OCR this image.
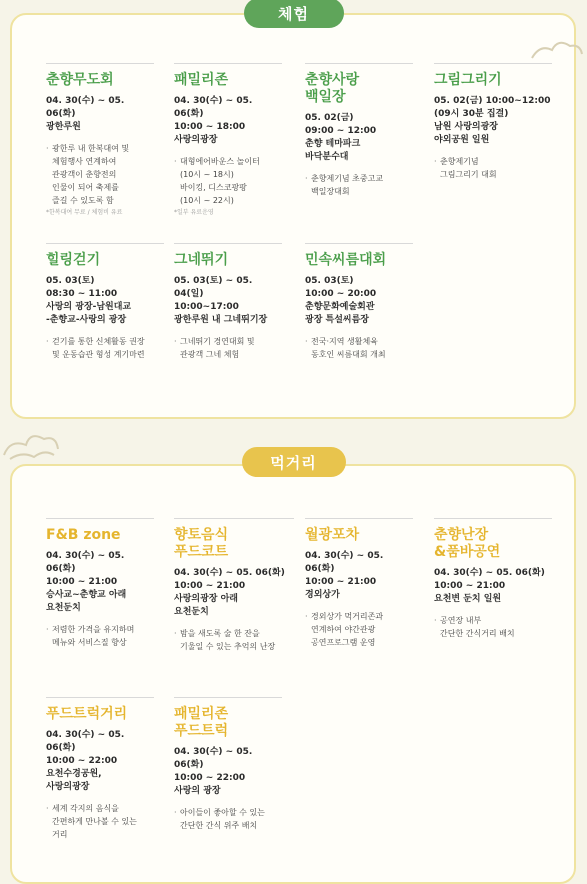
체험
먹거리
춘향무도회
04. 30(수) ~ 05. 06(화)
광한루원
· 광한루 내 한복대여 및
체험행사 연계하여
관광객이 춘향전의
인물이 되어 축제를
즐길 수 있도록 함
*한복대여 무료 / 체험비 유료
패밀리존
04. 30(수) ~ 05. 06(화)
10:00 ~ 18:00
사랑의광장
· 대형에어바운스 놀이터
(10시 ~ 18시)
바이킹, 디스코팡팡
(10시 ~ 22시)
*일부 유료운영
춘향사랑
백일장
05. 02(금)
09:00 ~ 12:00
춘향 테마파크
바닥분수대
· 춘향제기념 초중고교
백일장대회
그림그리기
05. 02(금) 10:00~12:00
(09시 30분 집결)
남원 사랑의광장
야외공원 일원
· 춘향제기념
그림그리기 대회
힐링걷기
05. 03(토)
08:30 ~ 11:00
사랑의 광장-남원대교
-춘향교-사랑의 광장
· 걷기를 통한 신체활동 권장
및 운동습관 형성 계기마련
그네뛰기
05. 03(토) ~ 05. 04(일)
10:00~17:00
광한루원 내 그네뛰기장
· 그네뛰기 경연대회 및
관광객 그네 체험
민속씨름대회
05. 03(토)
10:00 ~ 20:00
춘향문화예술회관
광장 특설씨름장
· 전국·지역 생활체육
동호인 씨름대회 개최
F&B zone
04. 30(수) ~ 05. 06(화)
10:00 ~ 21:00
승사교~춘향교 아래
요천둔치
· 저렴한 가격을 유지하며
메뉴와 서비스질 향상
향토음식
푸드코트
04. 30(수) ~ 05. 06(화)
10:00 ~ 21:00
사랑의광장 아래
요천둔치
· 밤을 새도록 술 한 잔을
기울일 수 있는 추억의 난장
월광포차
04. 30(수) ~ 05. 06(화)
10:00 ~ 21:00
경외상가
· 경외상가 먹거리존과
연계하여 야간관광
공연프로그램 운영
춘향난장
&품바공연
04. 30(수) ~ 05. 06(화)
10:00 ~ 21:00
요천변 둔치 일원
· 공연장 내부
간단한 간식거리 배치
푸드트럭거리
04. 30(수) ~ 05. 06(화)
10:00 ~ 22:00
요천수경공원,
사랑의광장
· 세계 각지의 음식을
간편하게 만나볼 수 있는
거리
패밀리존
푸드트럭
04. 30(수) ~ 05. 06(화)
10:00 ~ 22:00
사랑의 광장
· 아이들이 좋아할 수 있는
간단한 간식 위주 배치
